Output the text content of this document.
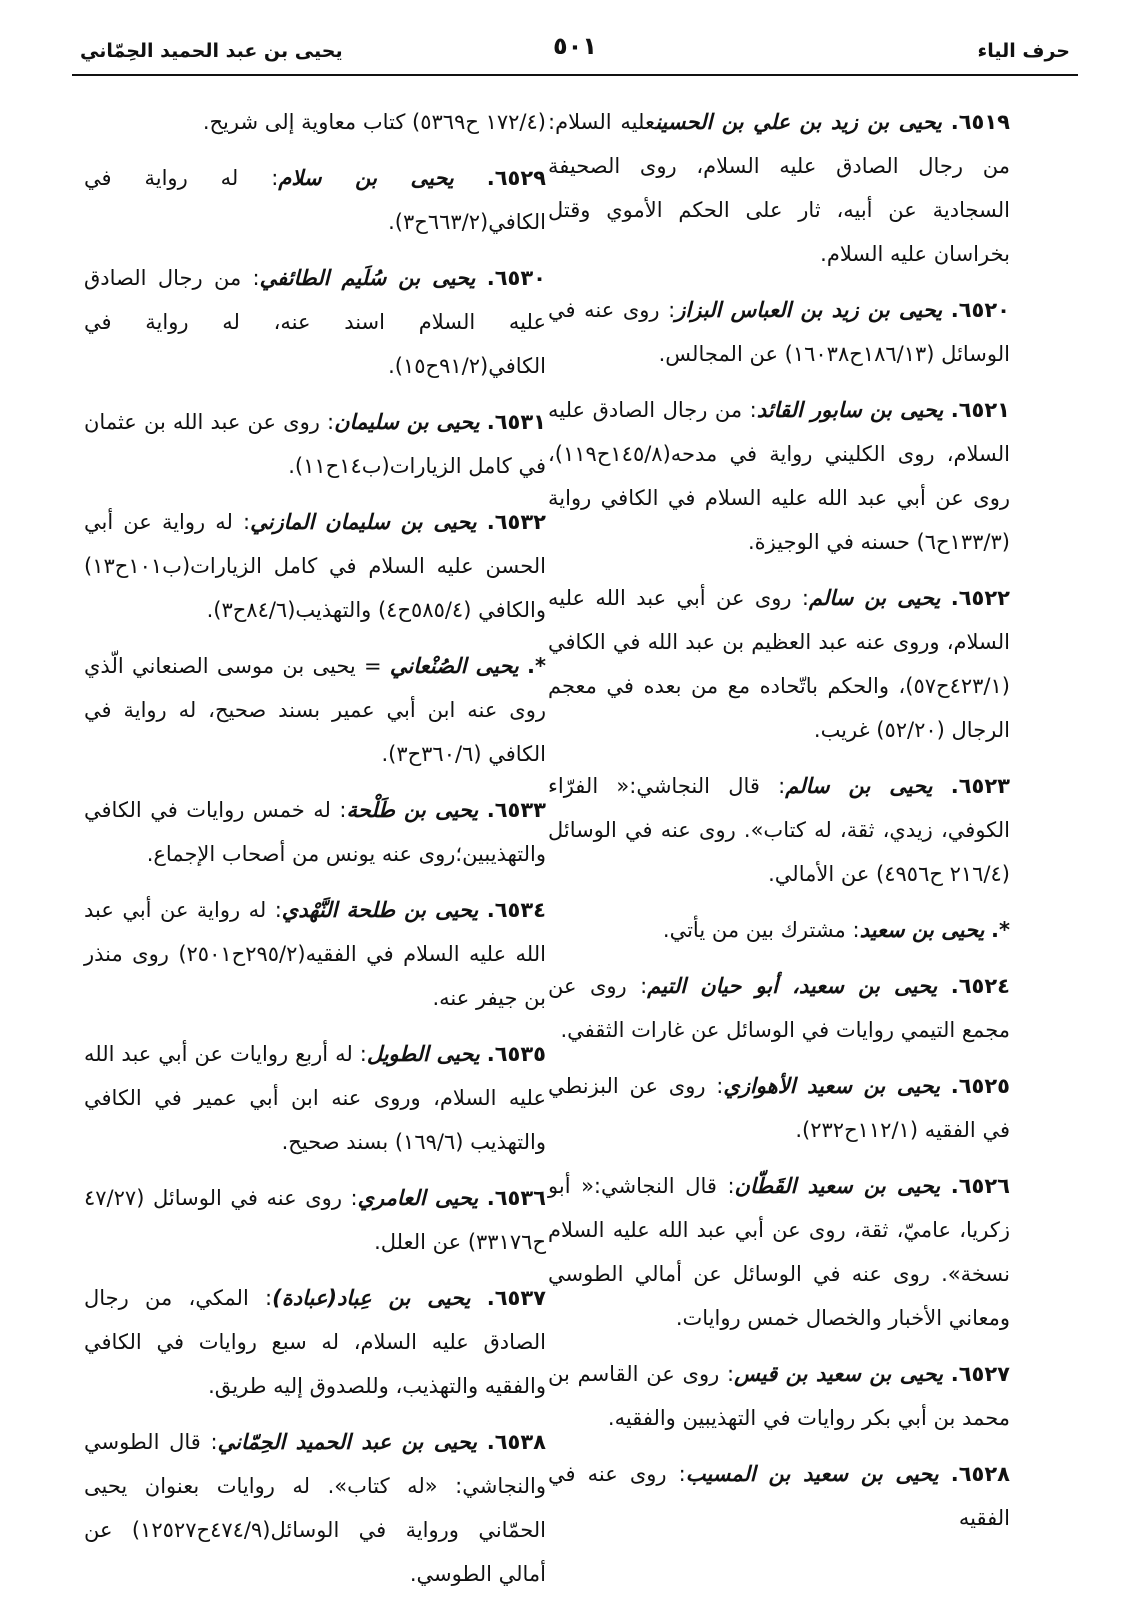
حرف الياء
٥٠١
يحيى بن عبد الحميد الحِمّاني
٦٥١٩. يحيى بن زيد بن علي بن الحسينعليه السلام: من رجال الصادق عليه السلام، روى الصحيفة السجادية عن أبيه، ثار على الحكم الأموي وقتل بخراسان عليه السلام.
٦٥٢٠. يحيى بن زيد بن العباس البزاز: روى عنه في الوسائل (١٨٦/١٣ح١٦٠٣٨) عن المجالس.
٦٥٢١. يحيى بن سابور القائد: من رجال الصادق عليه السلام، روى الكليني رواية في مدحه(١٤٥/٨ح١١٩)، روى عن أبي عبد الله عليه السلام في الكافي رواية (١٣٣/٣ح٦) حسنه في الوجيزة.
٦٥٢٢. يحيى بن سالم: روى عن أبي عبد الله عليه السلام، وروى عنه عبد العظيم بن عبد الله في الكافي (٤٢٣/١ح٥٧)، والحكم باتّحاده مع من بعده في معجم الرجال (٥٢/٢٠) غريب.
٦٥٢٣. يحيى بن سالم: قال النجاشي:« الفرّاء الكوفي، زيدي، ثقة، له كتاب». روى عنه في الوسائل (٢١٦/٤ ح٤٩٥٦) عن الأمالي.
*. يحيى بن سعيد: مشترك بين من يأتي.
٦٥٢٤. يحيى بن سعيد، أبو حيان التيم: روى عن مجمع التيمي روايات في الوسائل عن غارات الثقفي.
٦٥٢٥. يحيى بن سعيد الأهوازي: روى عن البزنطي في الفقيه (١١٢/١ح٢٣٢).
٦٥٢٦. يحيى بن سعيد القَطّان: قال النجاشي:« أبو زكريا، عاميّ، ثقة، روى عن أبي عبد الله عليه السلام نسخة». روى عنه في الوسائل عن أمالي الطوسي ومعاني الأخبار والخصال خمس روايات.
٦٥٢٧. يحيى بن سعيد بن قيس: روى عن القاسم بن محمد بن أبي بكر روايات في التهذيبين والفقيه.
٦٥٢٨. يحيى بن سعيد بن المسيب: روى عنه في الفقيه
(١٧٢/٤ ح٥٣٦٩) كتاب معاوية إلى شريح.
٦٥٢٩. يحيى بن سلام: له رواية في الكافي(٦٦٣/٢ح٣).
٦٥٣٠. يحيى بن سُلَيم الطائفي: من رجال الصادق عليه السلام اسند عنه، له رواية في الكافي(٩١/٢ح١٥).
٦٥٣١. يحيى بن سليمان: روى عن عبد الله بن عثمان في كامل الزيارات(ب١٤ح١١).
٦٥٣٢. يحيى بن سليمان المازني: له رواية عن أبي الحسن عليه السلام في كامل الزيارات(ب١٠١ح١٣) والكافي (٥٨٥/٤ح٤) والتهذيب(٨٤/٦ح٣).
*. يحيى الصُنْعاني = يحيى بن موسى الصنعاني الّذي روى عنه ابن أبي عمير بسند صحيح، له رواية في الكافي (٣٦٠/٦ح٣).
٦٥٣٣. يحيى بن طَلْحة: له خمس روايات في الكافي والتهذيبين؛روى عنه يونس من أصحاب الإجماع.
٦٥٣٤. يحيى بن طلحة النَّهْدي: له رواية عن أبي عبد الله عليه السلام في الفقيه(٢٩٥/٢ح٢٥٠١) روى منذر بن جيفر عنه.
٦٥٣٥. يحيى الطويل: له أربع روايات عن أبي عبد الله عليه السلام، وروى عنه ابن أبي عمير في الكافي والتهذيب (١٦٩/٦) بسند صحيح.
٦٥٣٦. يحيى العامري: روى عنه في الوسائل (٤٧/٢٧ ح٣٣١٧٦) عن العلل.
٦٥٣٧. يحيى بن عِباد(عبادة): المكي، من رجال الصادق عليه السلام، له سبع روايات في الكافي والفقيه والتهذيب، وللصدوق إليه طريق.
٦٥٣٨. يحيى بن عبد الحميد الحِمّاني: قال الطوسي والنجاشي: «له كتاب». له روايات بعنوان يحيى الحمّاني ورواية في الوسائل(٤٧٤/٩ح١٢٥٢٧) عن أمالي الطوسي.
